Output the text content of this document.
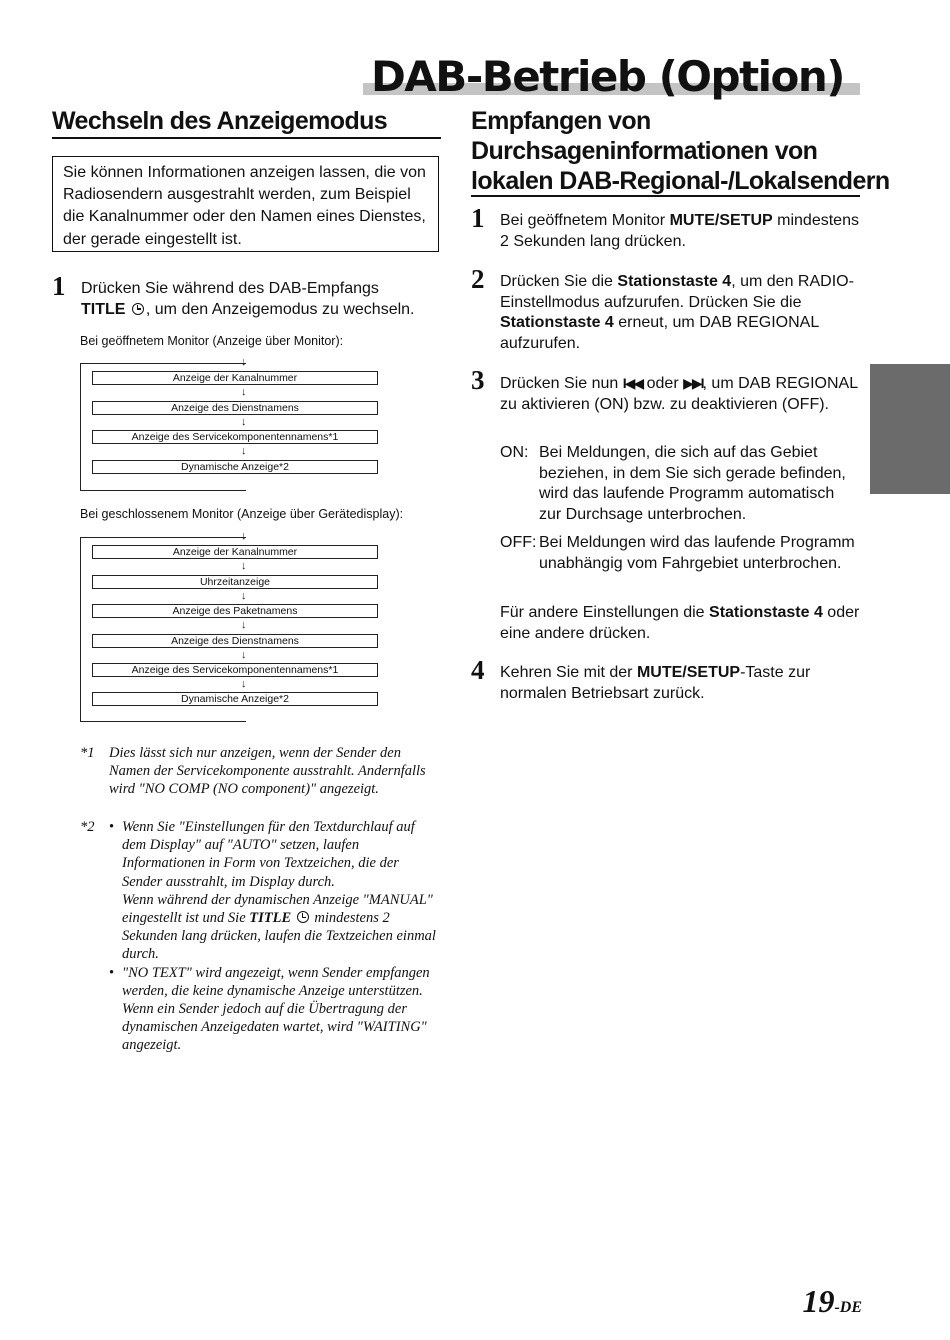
DAB-Betrieb (Option)
Wechseln des Anzeigemodus
Sie können Informationen anzeigen lassen, die von Radiosendern ausgestrahlt werden, zum Beispiel die Kanalnummer oder den Namen eines Dienstes, der gerade eingestellt ist.
1 Drücken Sie während des DAB-Empfangs
TITLE , um den Anzeigemodus zu wechseln.
Bei geöffnetem Monitor (Anzeige über Monitor):
↓
Anzeige der Kanalnummer
↓
Anzeige des Dienstnamens
↓
Anzeige des Servicekomponentennamens*1
↓
Dynamische Anzeige*2
Bei geschlossenem Monitor (Anzeige über Gerätedisplay):
↓
Anzeige der Kanalnummer
↓
Uhrzeitanzeige
↓
Anzeige des Paketnamens
↓
Anzeige des Dienstnamens
↓
Anzeige des Servicekomponentennamens*1
↓
Dynamische Anzeige*2
*1 Dies lässt sich nur anzeigen, wenn der Sender den Namen der Servicekomponente ausstrahlt. Andernfalls wird "NO COMP (NO component)" angezeigt.
*2 • Wenn Sie "Einstellungen für den Textdurchlauf auf dem Display" auf "AUTO" setzen, laufen Informationen in Form von Textzeichen, die der Sender ausstrahlt, im Display durch.
Wenn während der dynamischen Anzeige "MANUAL" eingestellt ist und Sie TITLE mindestens 2 Sekunden lang drücken, laufen die Textzeichen einmal durch.
• "NO TEXT" wird angezeigt, wenn Sender empfangen werden, die keine dynamische Anzeige unterstützen. Wenn ein Sender jedoch auf die Übertragung der dynamischen Anzeigedaten wartet, wird "WAITING" angezeigt.
Empfangen von
Durchsageninformationen von
lokalen DAB-Regional-/Lokalsendern
1 Bei geöffnetem Monitor MUTE/SETUP mindestens 2 Sekunden lang drücken.
2 Drücken Sie die Stationstaste 4, um den RADIO-Einstellmodus aufzurufen. Drücken Sie die Stationstaste 4 erneut, um DAB REGIONAL aufzurufen.
3 Drücken Sie nun I◀◀ oder ▶▶I, um DAB REGIONAL zu aktivieren (ON) bzw. zu deaktivieren (OFF).
ON: Bei Meldungen, die sich auf das Gebiet beziehen, in dem Sie sich gerade befinden, wird das laufende Programm automatisch zur Durchsage unterbrochen.
OFF: Bei Meldungen wird das laufende Programm unabhängig vom Fahrgebiet unterbrochen.
Für andere Einstellungen die Stationstaste 4 oder eine andere drücken.
4 Kehren Sie mit der MUTE/SETUP-Taste zur normalen Betriebsart zurück.
19-DE
